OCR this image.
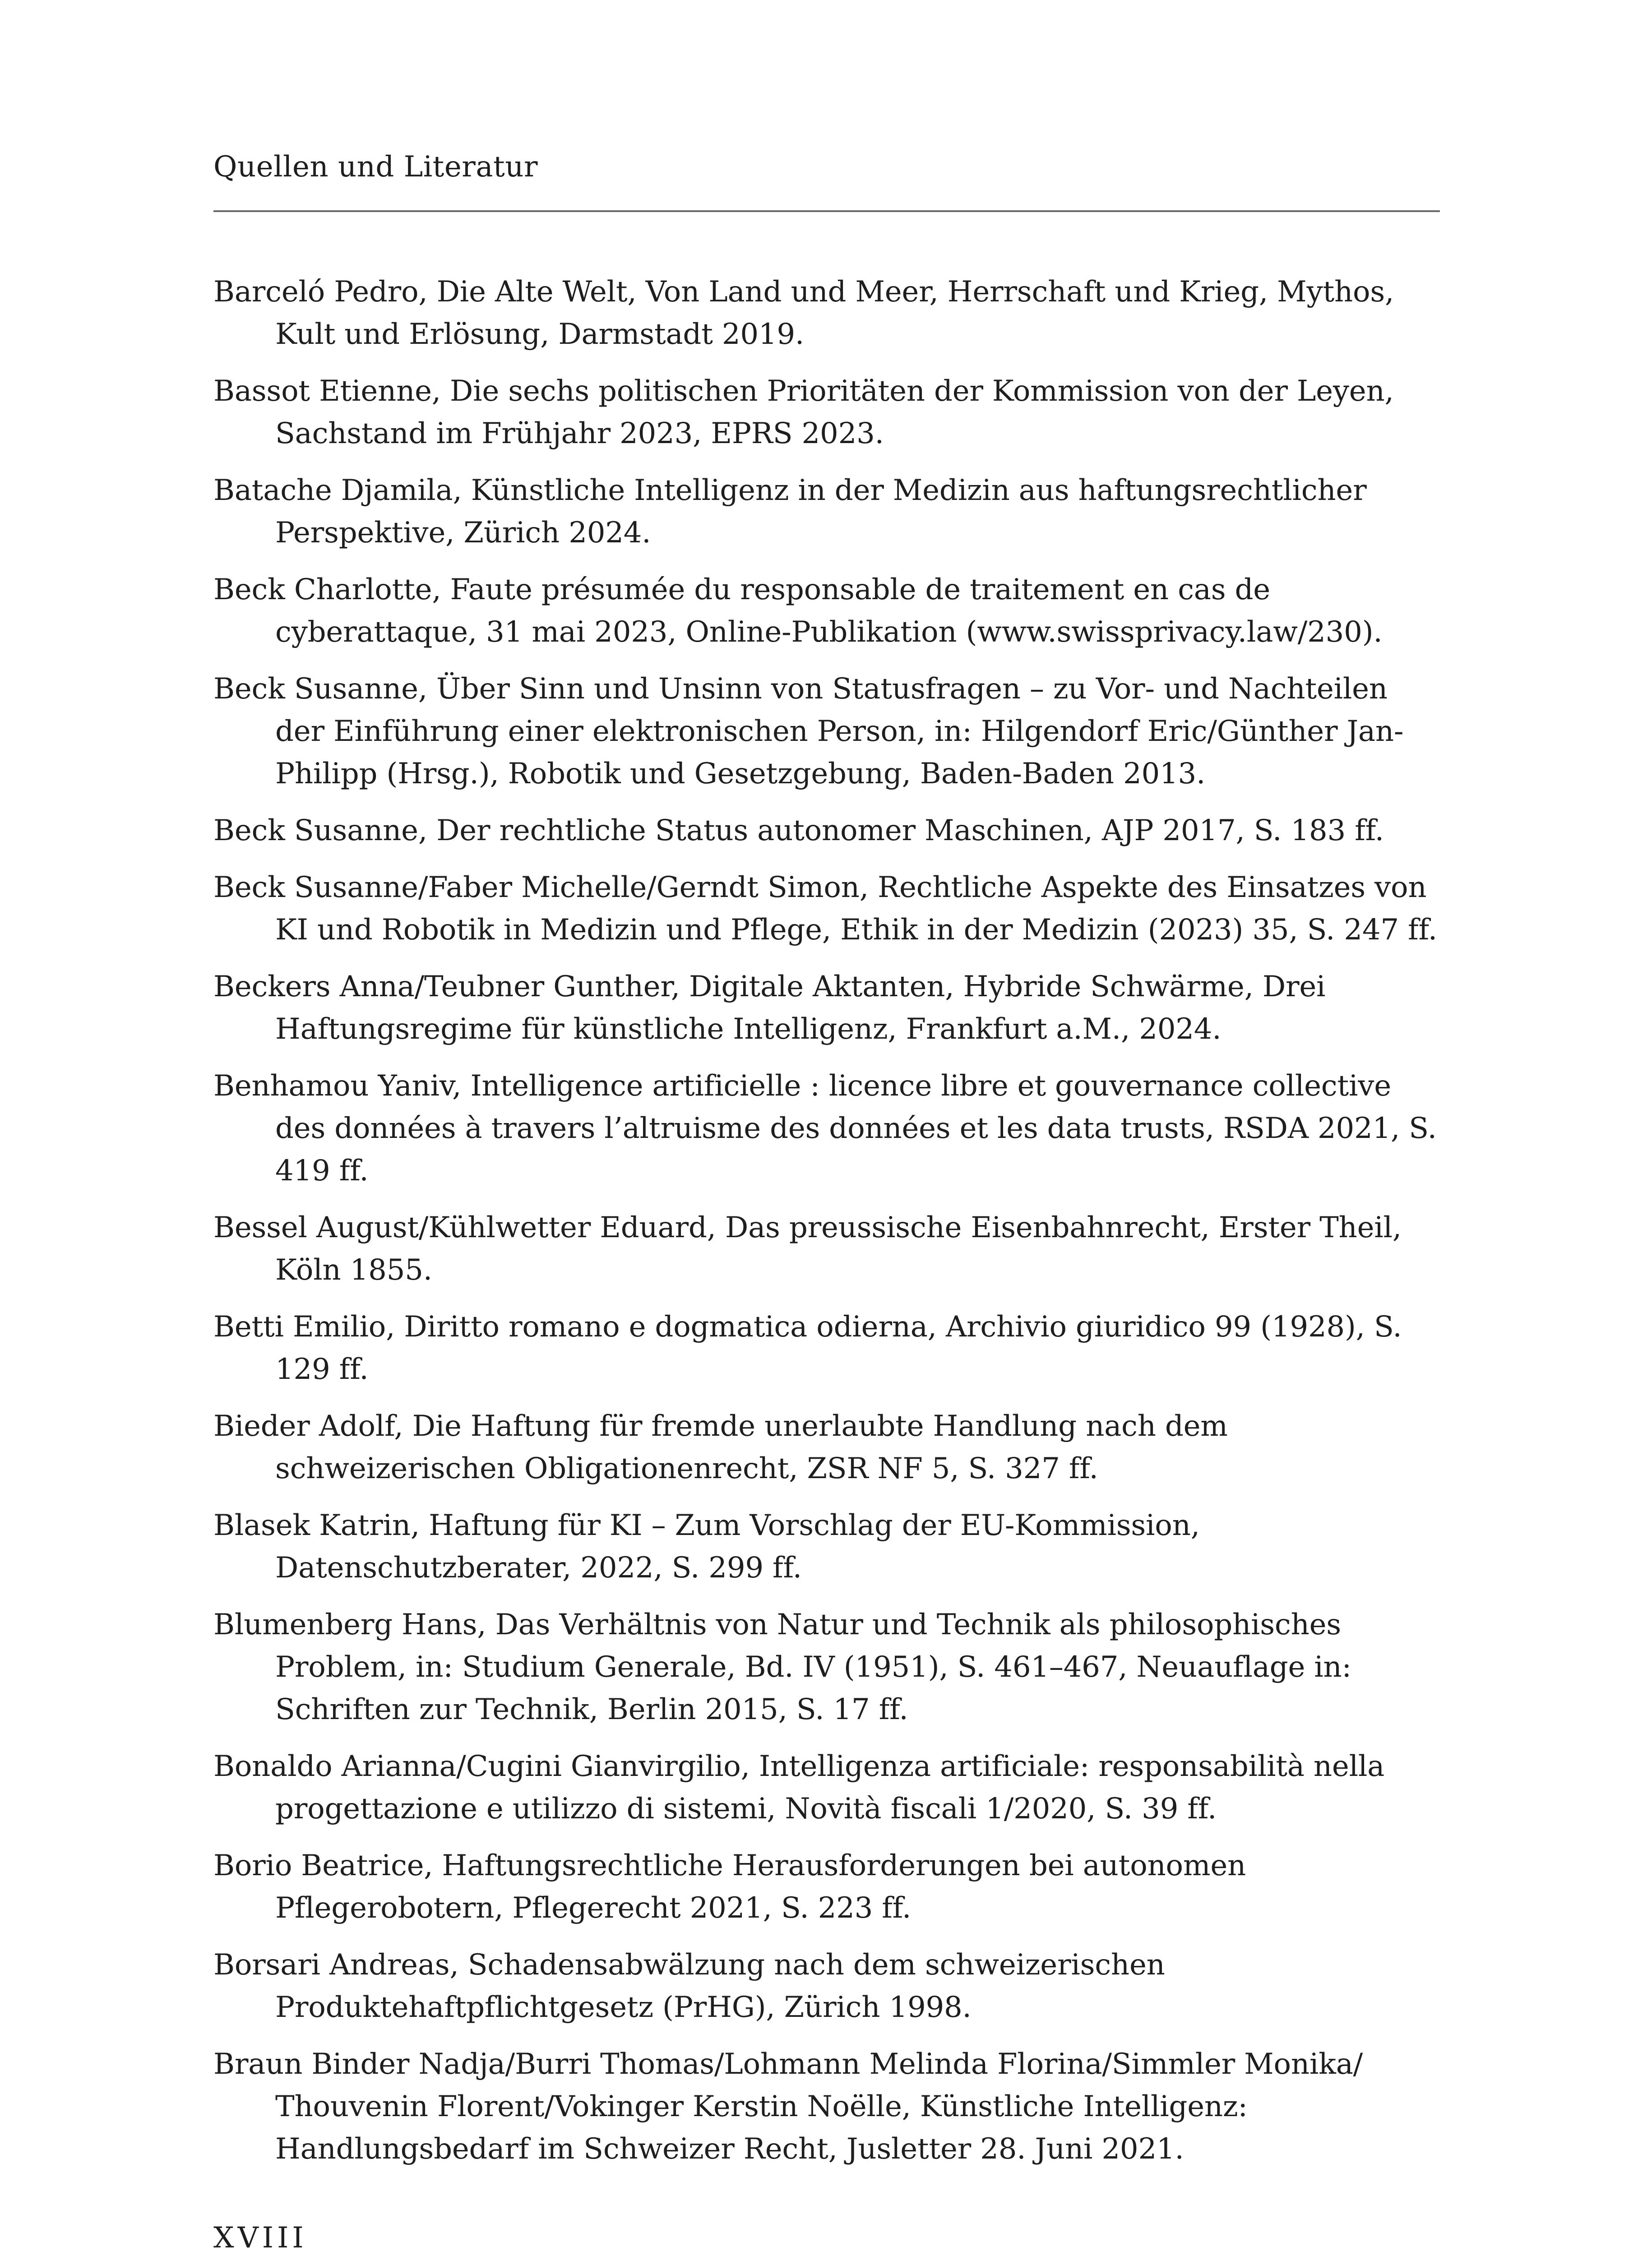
Quellen und Literatur
Barceló Pedro, Die Alte Welt, Von Land und Meer, Herrschaft und Krieg, Mythos, Kult und Erlösung, Darmstadt 2019.
Bassot Etienne, Die sechs politischen Prioritäten der Kommission von der Leyen, Sachstand im Frühjahr 2023, EPRS 2023.
Batache Djamila, Künstliche Intelligenz in der Medizin aus haftungsrechtlicher Perspektive, Zürich 2024.
Beck Charlotte, Faute présumée du responsable de traitement en cas de cyberattaque, 31 mai 2023, Online-Publikation (www.swissprivacy.law/230).
Beck Susanne, Über Sinn und Unsinn von Statusfragen – zu Vor- und Nachteilen der Einführung einer elektronischen Person, in: Hilgendorf Eric/Günther Jan-Philipp (Hrsg.), Robotik und Gesetzgebung, Baden-Baden 2013.
Beck Susanne, Der rechtliche Status autonomer Maschinen, AJP 2017, S. 183 ff.
Beck Susanne/Faber Michelle/Gerndt Simon, Rechtliche Aspekte des Einsatzes von KI und Robotik in Medizin und Pflege, Ethik in der Medizin (2023) 35, S. 247 ff.
Beckers Anna/Teubner Gunther, Digitale Aktanten, Hybride Schwärme, Drei Haftungsregime für künstliche Intelligenz, Frankfurt a.M., 2024.
Benhamou Yaniv, Intelligence artificielle : licence libre et gouvernance collective des données à travers l’altruisme des données et les data trusts, RSDA 2021, S. 419 ff.
Bessel August/Kühlwetter Eduard, Das preussische Eisenbahnrecht, Erster Theil, Köln 1855.
Betti Emilio, Diritto romano e dogmatica odierna, Archivio giuridico 99 (1928), S. 129 ff.
Bieder Adolf, Die Haftung für fremde unerlaubte Handlung nach dem schweizerischen Obligationenrecht, ZSR NF 5, S. 327 ff.
Blasek Katrin, Haftung für KI – Zum Vorschlag der EU-Kommission, Datenschutzberater, 2022, S. 299 ff.
Blumenberg Hans, Das Verhältnis von Natur und Technik als philosophisches Problem, in: Studium Generale, Bd. IV (1951), S. 461–467, Neuauflage in: Schriften zur Technik, Berlin 2015, S. 17 ff.
Bonaldo Arianna/Cugini Gianvirgilio, Intelligenza artificiale: responsabilità nella progettazione e utilizzo di sistemi, Novità fiscali 1/2020, S. 39 ff.
Borio Beatrice, Haftungsrechtliche Herausforderungen bei autonomen Pflegerobotern, Pflegerecht 2021, S. 223 ff.
Borsari Andreas, Schadensabwälzung nach dem schweizerischen Produktehaftpflichtgesetz (PrHG), Zürich 1998.
Braun Binder Nadja/Burri Thomas/Lohmann Melinda Florina/Simmler Monika/ Thouvenin Florent/Vokinger Kerstin Noëlle, Künstliche Intelligenz: Handlungsbedarf im Schweizer Recht, Jusletter 28. Juni 2021.
XVIII
